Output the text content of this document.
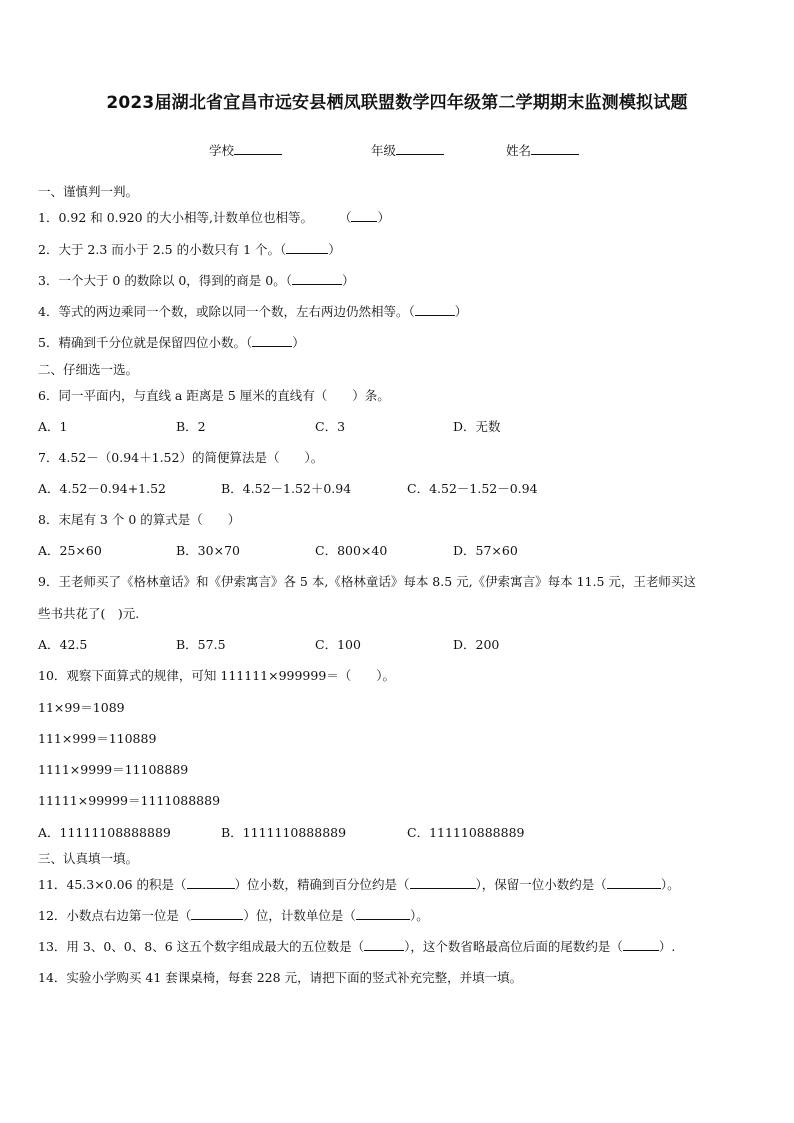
2023届湖北省宜昌市远安县栖凤联盟数学四年级第二学期期末监测模拟试题
学校	年级	姓名
一、谨慎判一判。
1．0.92 和 0.920 的大小相等,计数单位也相等。 （ ）
2．大于 2.3 而小于 2.5 的小数只有 1 个。（	）
3．一个大于 0 的数除以 0，得到的商是 0。（	）
4．等式的两边乘同一个数，或除以同一个数，左右两边仍然相等。（	）
5．精确到千分位就是保留四位小数。（	）
二、仔细选一选。
6．同一平面内，与直线 a 距离是 5 厘米的直线有（　　）条。
A．1	B．2	C．3	D．无数
7．4.52－（0.94＋1.52）的简便算法是（　　）。
A．4.52－0.94+1.52	B．4.52－1.52＋0.94	C．4.52－1.52－0.94
8．末尾有 3 个 0 的算式是（　　）
A．25×60	B．30×70	C．800×40	D．57×60
9．王老师买了《格林童话》和《伊索寓言》各 5 本,《格林童话》每本 8.5 元,《伊索寓言》每本 11.5 元，王老师买这
些书共花了(　)元.
A．42.5	B．57.5	C．100	D．200
10．观察下面算式的规律，可知 111111×999999＝（　　）。
11×99＝1089
111×999＝110889
1111×9999＝11108889
11111×99999＝1111088889
A．11111108888889	B．1111110888889	C．111110888889
三、认真填一填。
11．45.3×0.06 的积是（	）位小数，精确到百分位约是（	），保留一位小数约是（	）。
12．小数点右边第一位是（	）位，计数单位是（	）。
13．用 3、0、0、8、6 这五个数字组成最大的五位数是（	），这个数省略最高位后面的尾数约是（	）.
14．实验小学购买 41 套课桌椅，每套 228 元，请把下面的竖式补充完整，并填一填。
